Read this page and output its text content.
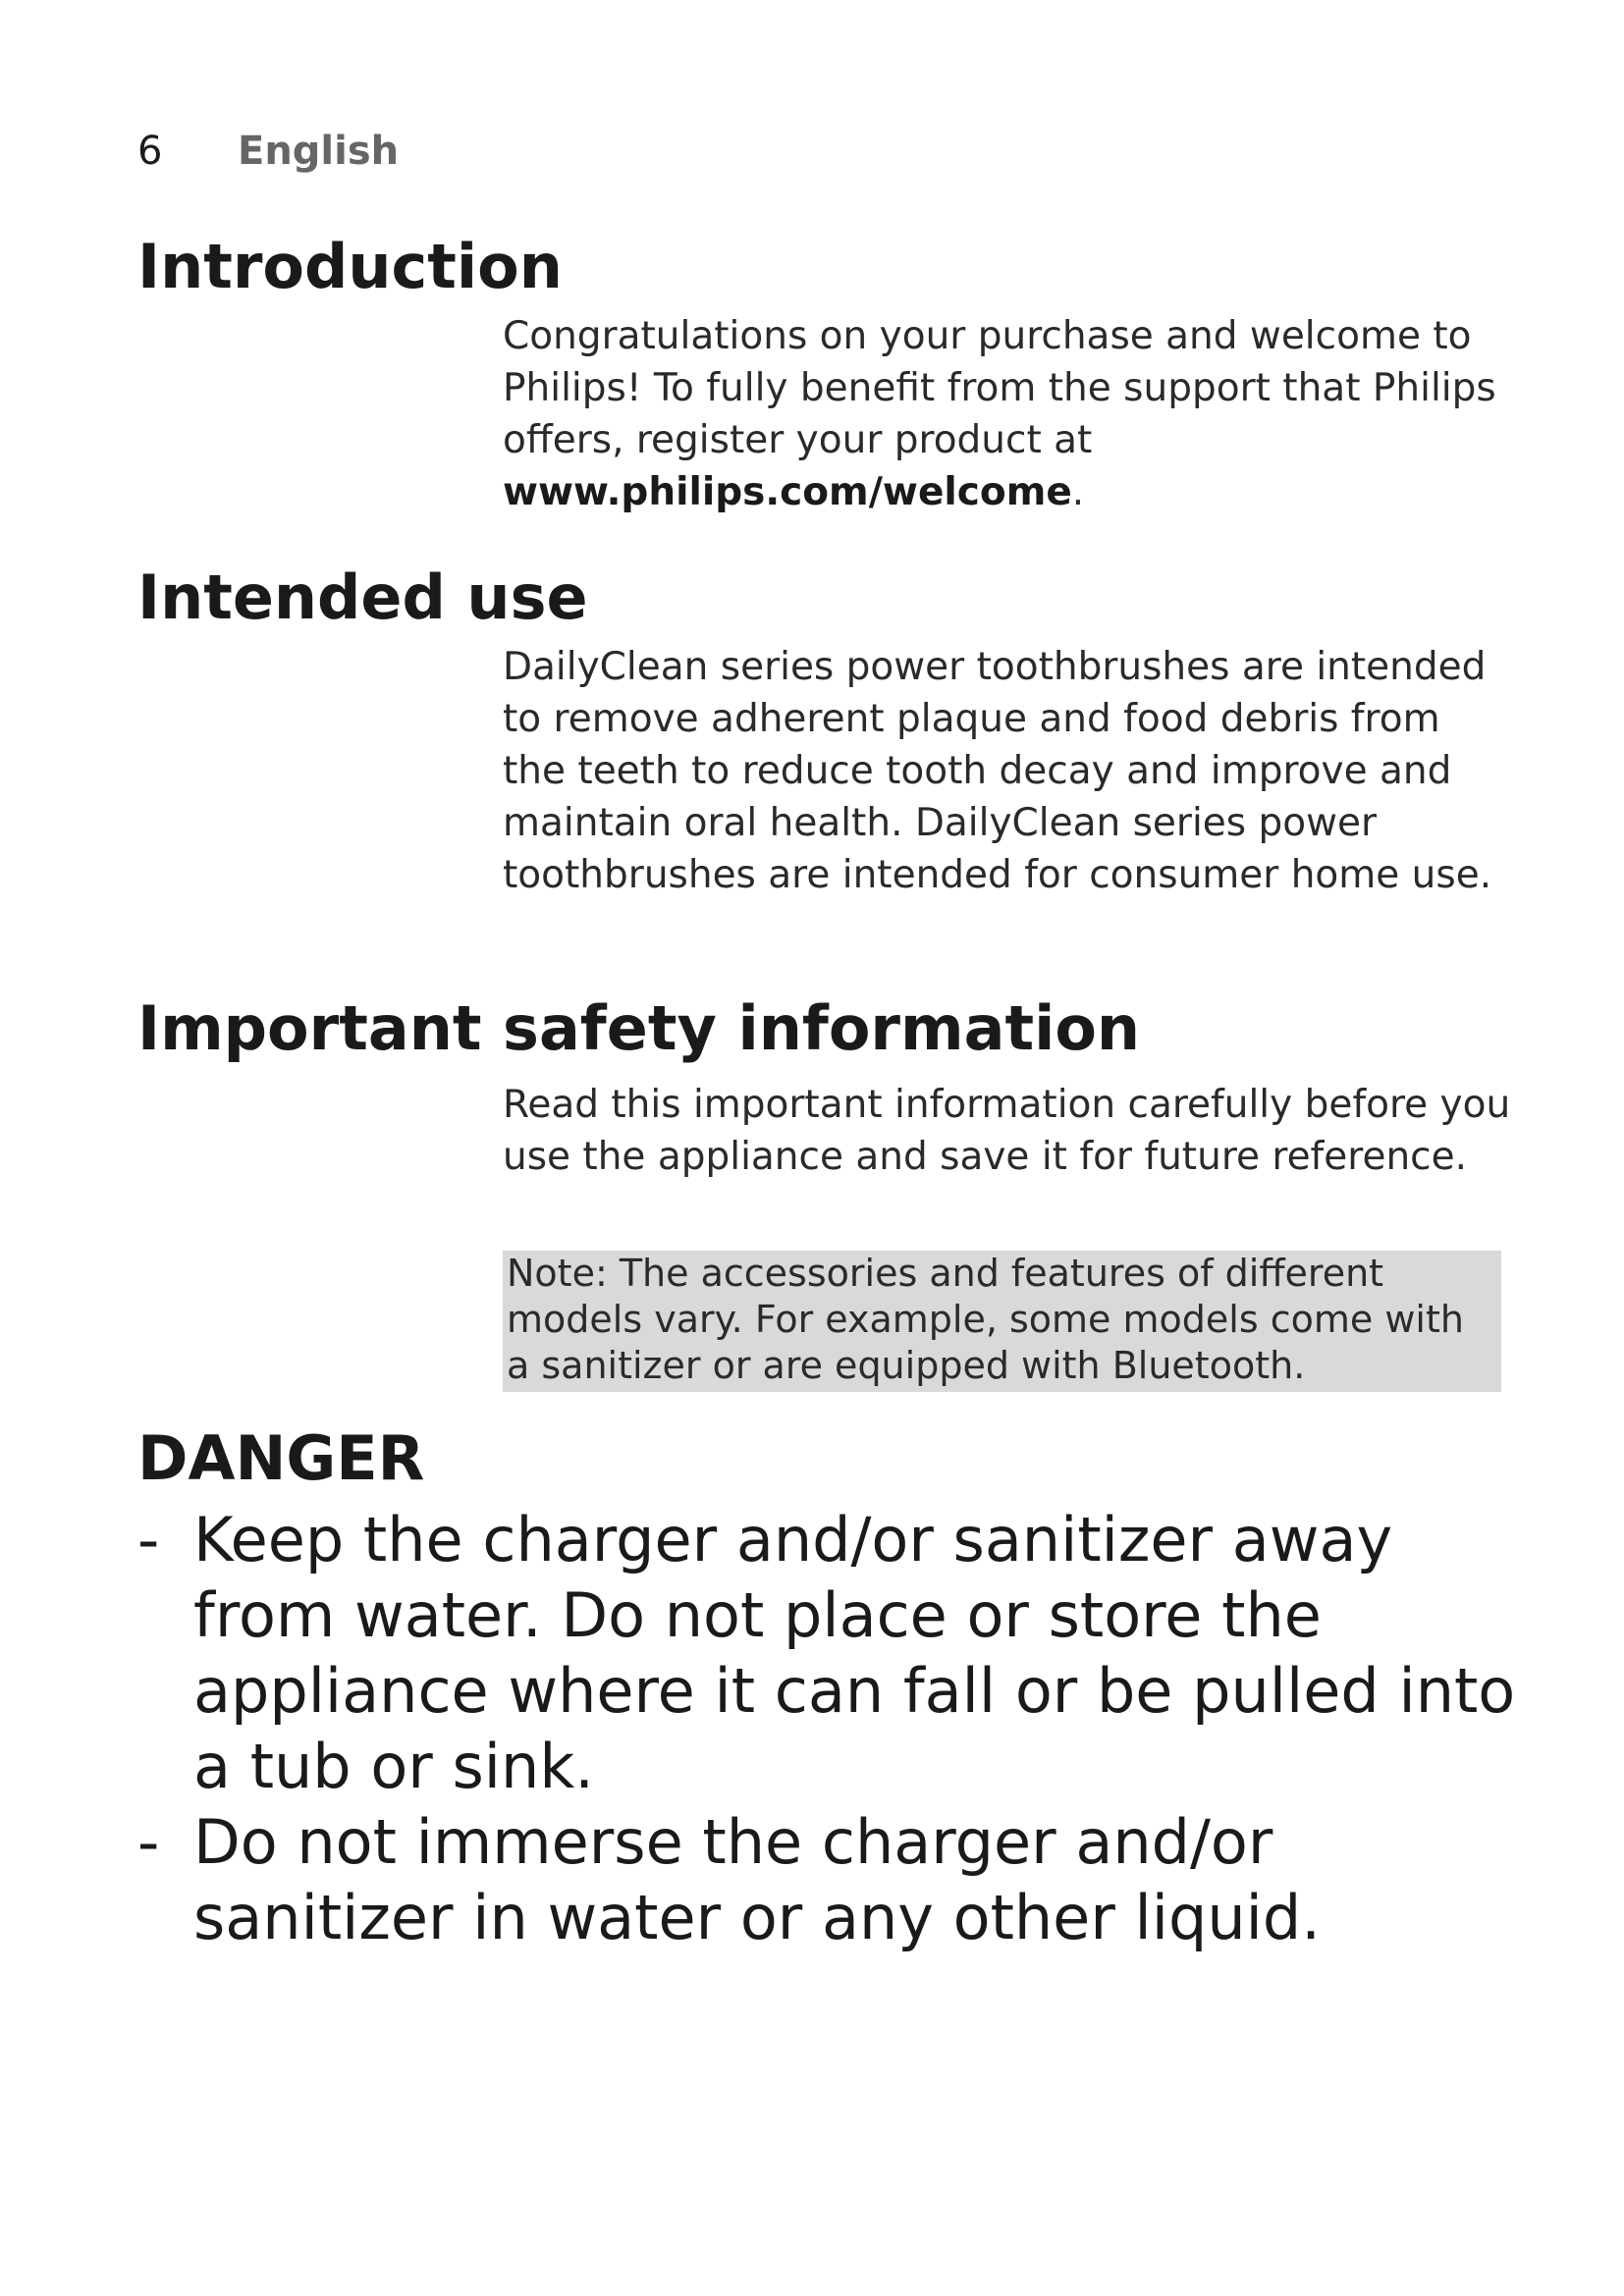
6 English
Introduction

Congratulations on your purchase and welcome to Philips! To fully benefit from the support that Philips offers, register your product at www.philips.com/welcome.

Intended use

DailyClean series power toothbrushes are intended to remove adherent plaque and food debris from the teeth to reduce tooth decay and improve and maintain oral health. DailyClean series power toothbrushes are intended for consumer home use.

Important safety information

Read this important information carefully before you use the appliance and save it for future reference.

Note: The accessories and features of different models vary. For example, some models come with a sanitizer or are equipped with Bluetooth.

DANGER
- Keep the charger and/or sanitizer away from water. Do not place or store the appliance where it can fall or be pulled into a tub or sink.
- Do not immerse the charger and/or sanitizer in water or any other liquid.
